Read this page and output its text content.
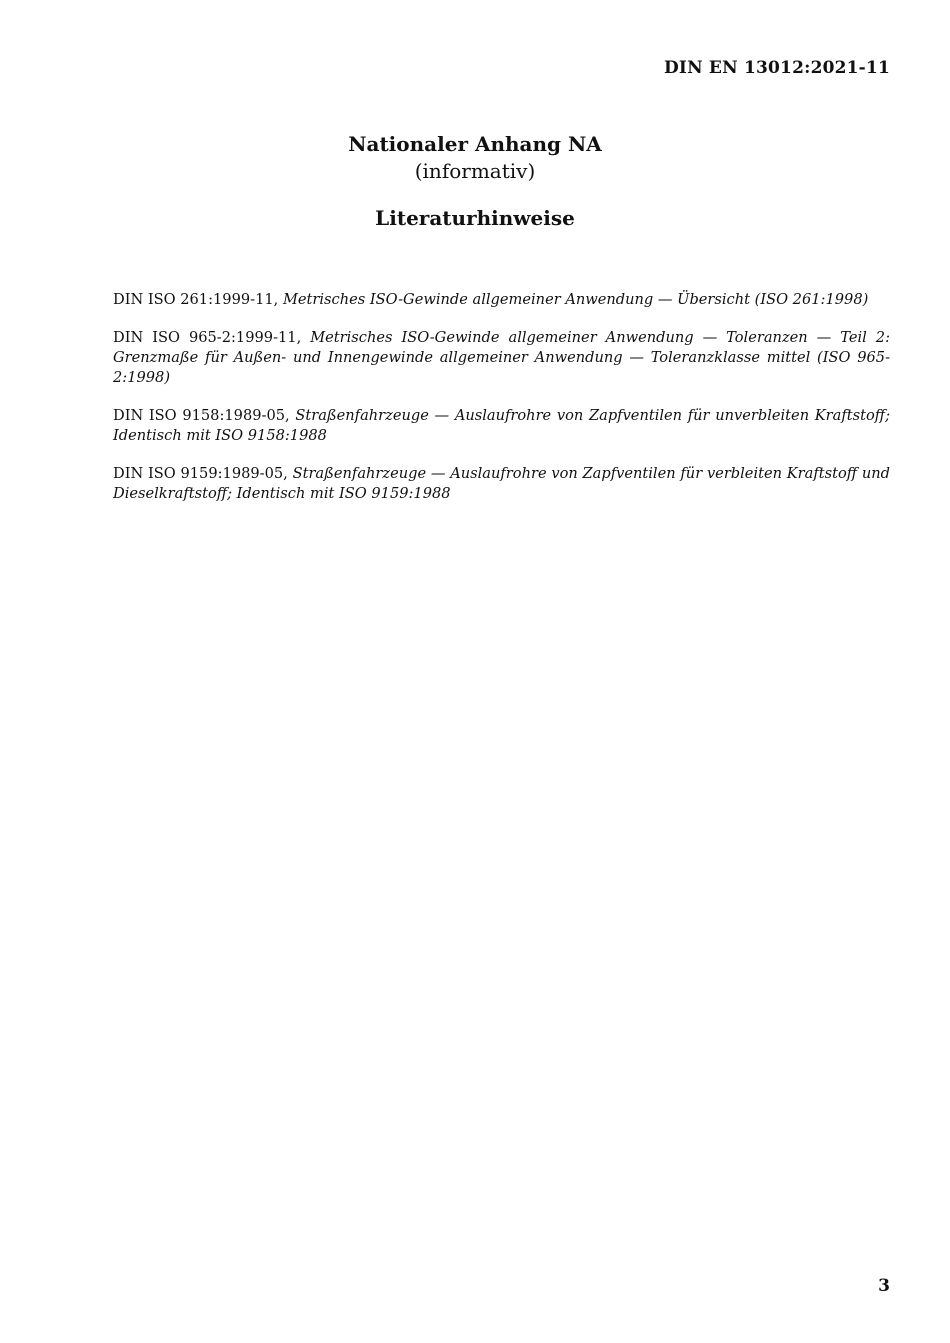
DIN EN 13012:2021-11

Nationaler Anhang NA

(informativ)

Literaturhinweise

DIN ISO 261:1999-11, Metrisches ISO-Gewinde allgemeiner Anwendung — Übersicht (ISO 261:1998)

DIN ISO 965-2:1999-11, Metrisches ISO-Gewinde allgemeiner Anwendung — Toleranzen — Teil 2: Grenzmaße für Außen- und Innengewinde allgemeiner Anwendung — Toleranzklasse mittel (ISO 965-2:1998)

DIN ISO 9158:1989-05, Straßenfahrzeuge — Auslaufrohre von Zapfventilen für unverbleiten Kraftstoff; Identisch mit ISO 9158:1988

DIN ISO 9159:1989-05, Straßenfahrzeuge — Auslaufrohre von Zapfventilen für verbleiten Kraftstoff und Dieselkraftstoff; Identisch mit ISO 9159:1988

3
